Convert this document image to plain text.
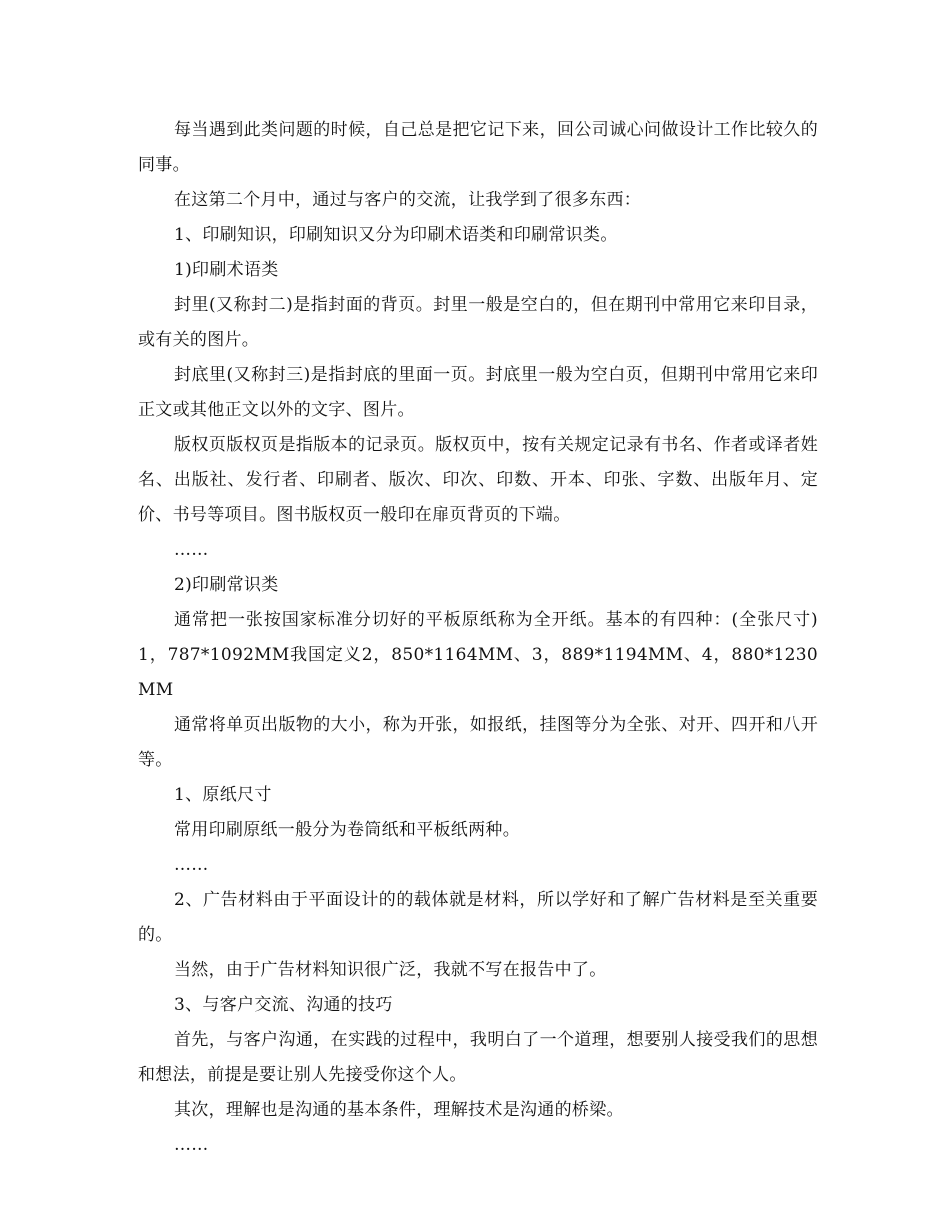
每当遇到此类问题的时候，自己总是把它记下来，回公司诚心问做设计工作比较久的同事。

在这第二个月中，通过与客户的交流，让我学到了很多东西：

1、印刷知识，印刷知识又分为印刷术语类和印刷常识类。

1)印刷术语类

封里(又称封二)是指封面的背页。封里一般是空白的，但在期刊中常用它来印目录，或有关的图片。

封底里(又称封三)是指封底的里面一页。封底里一般为空白页，但期刊中常用它来印正文或其他正文以外的文字、图片。

版权页版权页是指版本的记录页。版权页中，按有关规定记录有书名、作者或译者姓名、出版社、发行者、印刷者、版次、印次、印数、开本、印张、字数、出版年月、定价、书号等项目。图书版权页一般印在扉页背页的下端。

……

2)印刷常识类

通常把一张按国家标准分切好的平板原纸称为全开纸。基本的有四种：(全张尺寸)1，787*1092MM我国定义2，850*1164MM、3，889*1194MM、4，880*1230MM

通常将单页出版物的大小，称为开张，如报纸，挂图等分为全张、对开、四开和八开等。

1、原纸尺寸

常用印刷原纸一般分为卷筒纸和平板纸两种。

……

2、广告材料由于平面设计的的载体就是材料，所以学好和了解广告材料是至关重要的。

当然，由于广告材料知识很广泛，我就不写在报告中了。

3、与客户交流、沟通的技巧

首先，与客户沟通，在实践的过程中，我明白了一个道理，想要别人接受我们的思想和想法，前提是要让别人先接受你这个人。

其次，理解也是沟通的基本条件，理解技术是沟通的桥梁。

……
